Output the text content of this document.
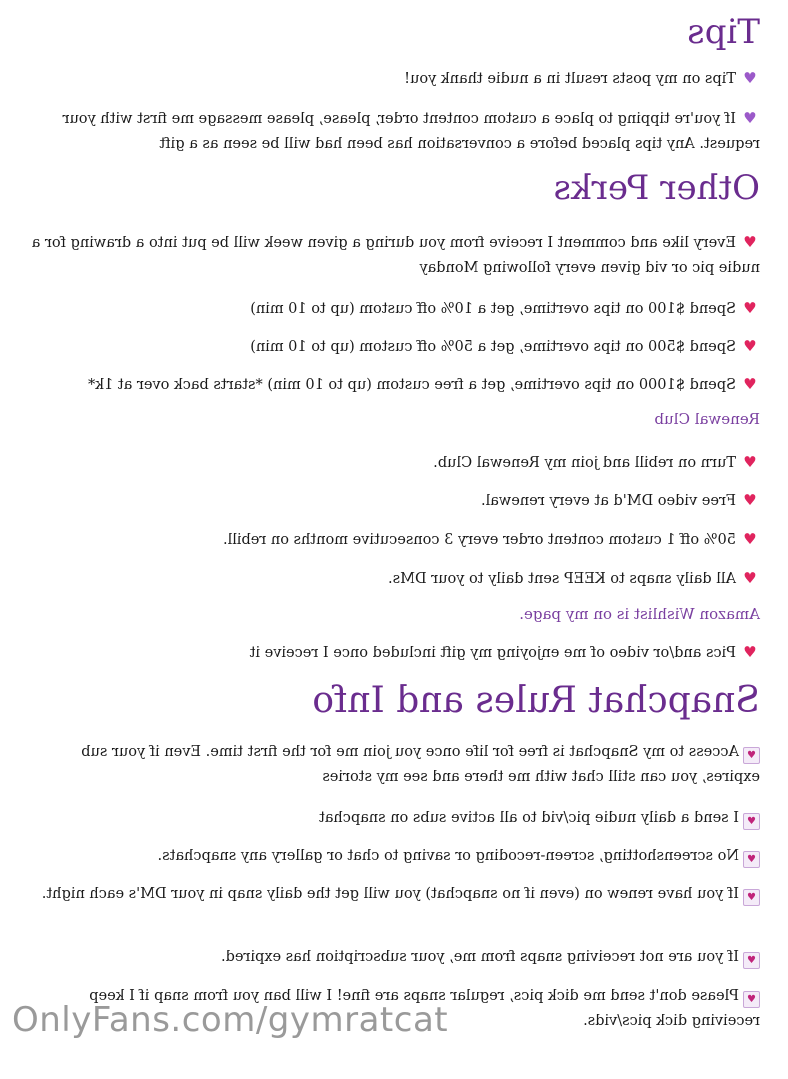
Tips
♥Tips on my posts result in a nudie thank you!
♥If you're tipping to place a custom content order, please, please message me first with your request. Any tips placed before a conversation has been had will be seen as a gift
Other Perks
♥Every like and comment I receive from you during a given week will be put into a drawing for a nudie pic or vid given every following Monday
♥Spend $100 on tips overtime, get a 10% off custom (up to 10 min)
♥Spend $500 on tips overtime, get a 50% off custom (up to 10 min)
♥Spend $1000 on tips overtime, get a free custom (up to 10 min) *starts back over at 1k*
Renewal Club
♥Turn on rebill and join my Renewal Club.
♥Free video DM'd at every renewal.
♥50% off 1 custom content order every 3 consecutive months on rebill.
♥All daily snaps to KEEP sent daily to your DMs.
Amazon Wishlist is on my page.
♥Pics and/or video of me enjoying my gift included once I receive it
Snapchat Rules and Info
♥Access to my Snapchat is free for life once you join me for the first time. Even if your sub expires, you can still chat with me there and see my stories
♥I send a daily nudie pic/vid to all active subs on snapchat
♥No screenshotting, screen-recoding or saving to chat or gallery any snapchats.
♥If you have renew on (even if no snapchat) you will get the daily snap in your DM's each night.
♥If you are not receiving snaps from me, your subscription has expired.
♥Please don't send me dick pics, regular snaps are fine! I will ban you from snap if I keep receiving dick pics/vids.
OnlyFans.com/gymratcat
